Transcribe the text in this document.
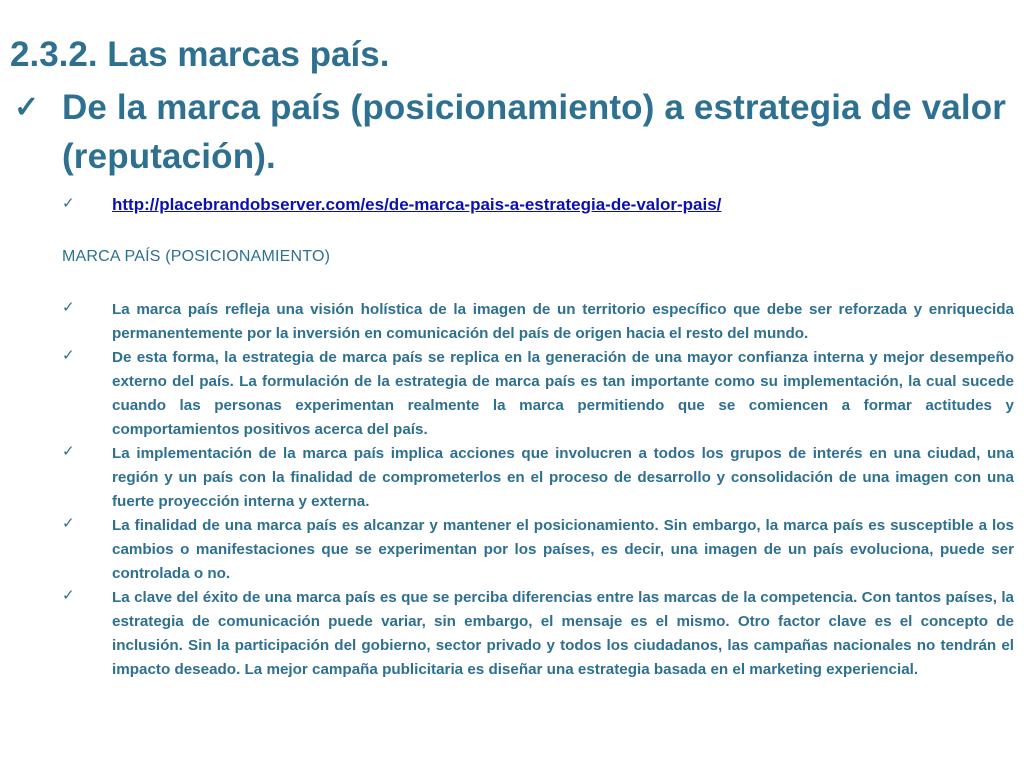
2.3.2. Las marcas país.
✓ De la marca país (posicionamiento) a estrategia de valor (reputación).
✓ http://placebrandobserver.com/es/de-marca-pais-a-estrategia-de-valor-pais/

MARCA PAÍS (POSICIONAMIENTO)

✓ La marca país refleja una visión holística de la imagen de un territorio específico que debe ser reforzada y enriquecida permanentemente por la inversión en comunicación del país de origen hacia el resto del mundo.
✓ De esta forma, la estrategia de marca país se replica en la generación de una mayor confianza interna y mejor desempeño externo del país. La formulación de la estrategia de marca país es tan importante como su implementación, la cual sucede cuando las personas experimentan realmente la marca permitiendo que se comiencen a formar actitudes y comportamientos positivos acerca del país.
✓ La implementación de la marca país implica acciones que involucren a todos los grupos de interés en una ciudad, una región y un país con la finalidad de comprometerlos en el proceso de desarrollo y consolidación de una imagen con una fuerte proyección interna y externa.
✓ La finalidad de una marca país es alcanzar y mantener el posicionamiento. Sin embargo, la marca país es susceptible a los cambios o manifestaciones que se experimentan por los países, es decir, una imagen de un país evoluciona, puede ser controlada o no.
✓ La clave del éxito de una marca país es que se perciba diferencias entre las marcas de la competencia. Con tantos países, la estrategia de comunicación puede variar, sin embargo, el mensaje es el mismo. Otro factor clave es el concepto de inclusión. Sin la participación del gobierno, sector privado y todos los ciudadanos, las campañas nacionales no tendrán el impacto deseado. La mejor campaña publicitaria es diseñar una estrategia basada en el marketing experiencial.
